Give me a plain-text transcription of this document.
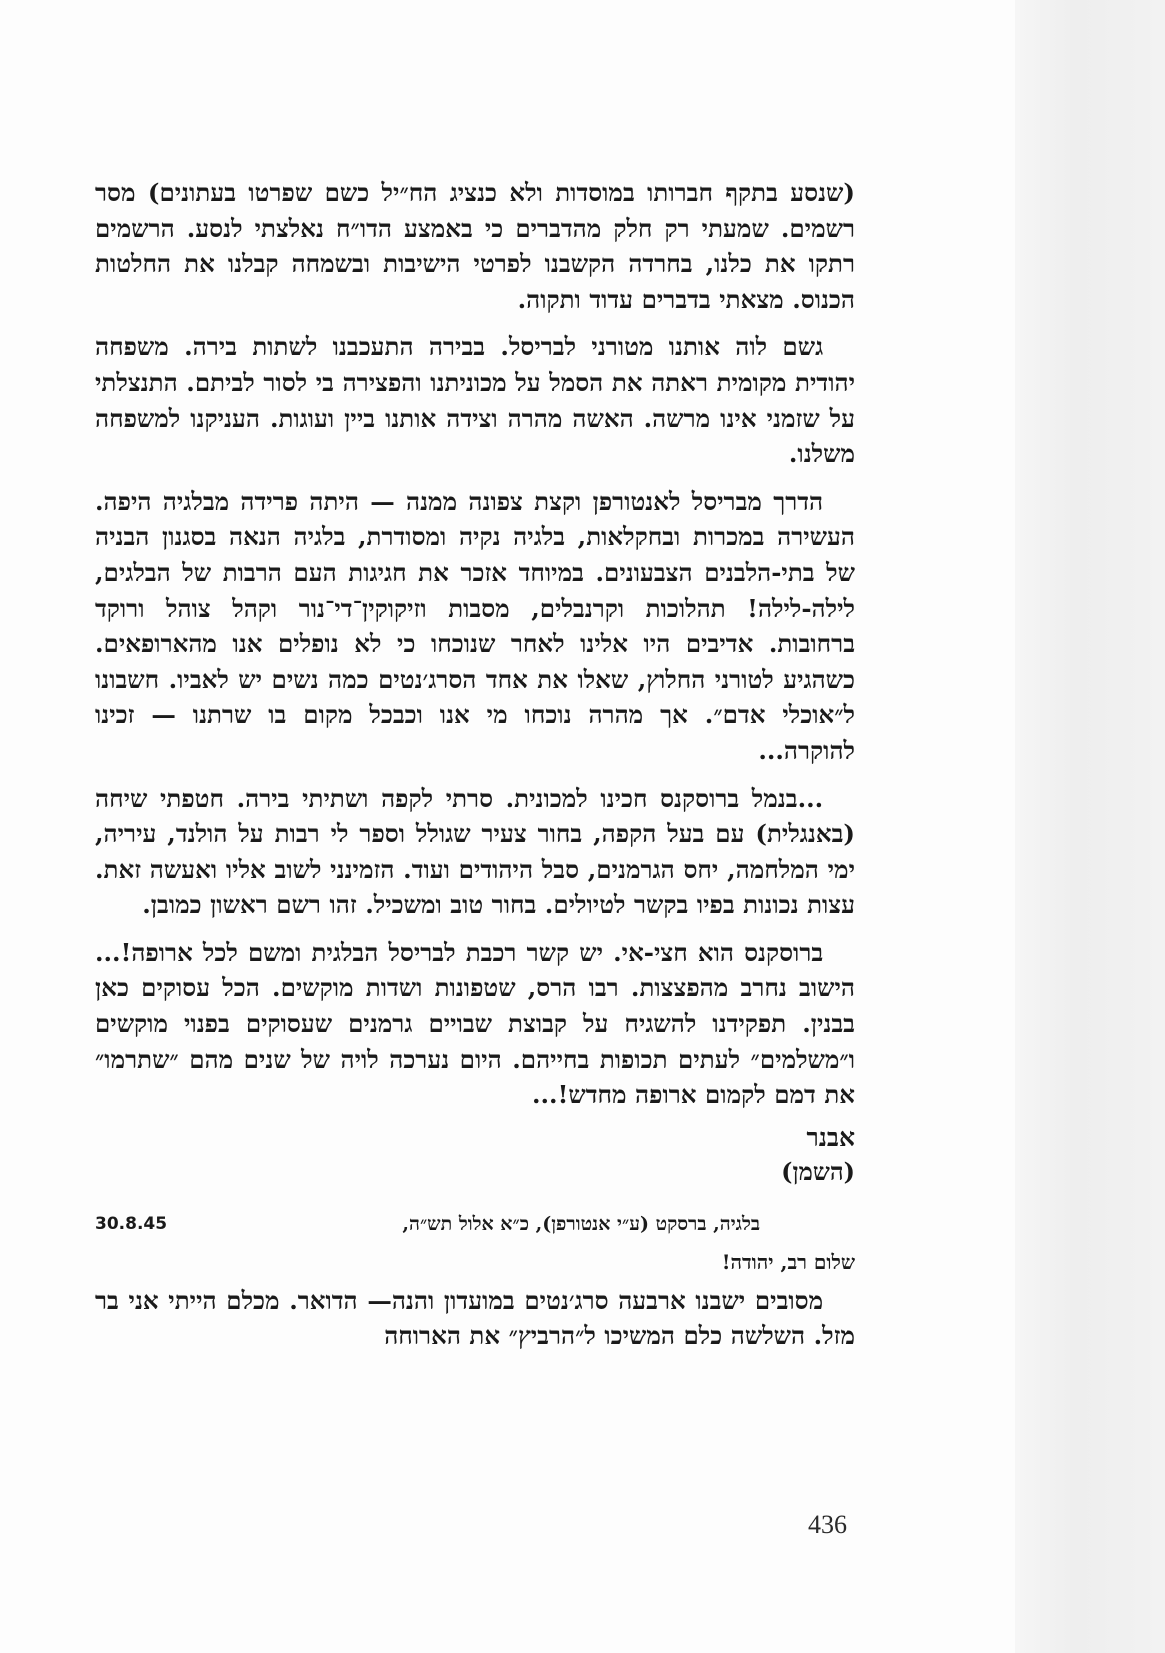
(שנסע בתקף חברותו במוסדות ולא כנציג הח״יל כשם שפרטו בעתונים) מסר רשמים. שמעתי רק חלק מהדברים כי באמצע הדו״ח נאלצתי לנסע. הרשמים רתקו את כלנו, בחרדה הקשבנו לפרטי הישיבות ובשמחה קבלנו את החלטות הכנוס. מצאתי בדברים עדוד ותקוה.

גשם לוה אותנו מטורני לבריסל. בבירה התעכבנו לשתות בירה. משפחה יהודית מקומית ראתה את הסמל על מכוניתנו והפצירה בי לסור לביתם. התנצלתי על שזמני אינו מרשה. האשה מהרה וצידה אותנו ביין ועוגות. העניקנו למשפחה משלנו.

הדרך מבריסל לאנטורפן וקצת צפונה ממנה — היתה פרידה מבלגיה היפה. העשירה במכרות ובחקלאות, בלגיה נקיה ומסודרת, בלגיה הנאה בסגנון הבניה של בתי-הלבנים הצבעונים. במיוחד אזכר את חגיגות העם הרבות של הבלגים, לילה-לילה! תהלוכות וקרנבלים, מסבות וזיקוקין־די־נור וקהל צוהל ורוקד ברחובות. אדיבים היו אלינו לאחר שנוכחו כי לא נופלים אנו מהארופאים. כשהגיע לטורני החלוץ, שאלו את אחד הסרג׳נטים כמה נשים יש לאביו. חשבונו ל״אוכלי אדם״. אך מהרה נוכחו מי אנו וכבכל מקום בו שרתנו — זכינו להוקרה...

...בנמל ברוסקנס חכינו למכונית. סרתי לקפה ושתיתי בירה. חטפתי שיחה (באנגלית) עם בעל הקפה, בחור צעיר שגולל וספר לי רבות על הולנד, עיריה, ימי המלחמה, יחס הגרמנים, סבל היהודים ועוד. הזמינני לשוב אליו ואעשה זאת. עצות נכונות בפיו בקשר לטיולים. בחור טוב ומשכיל. זהו רשם ראשון כמובן.

ברוסקנס הוא חצי-אי. יש קשר רכבת לבריסל הבלגית ומשם לכל ארופה!... הישוב נחרב מהפצצות. רבו הרס, שטפונות ושדות מוקשים. הכל עסוקים כאן בבנין. תפקידנו להשגיח על קבוצת שבויים גרמנים שעסוקים בפנוי מוקשים ו״משלמים״ לעתים תכופות בחייהם. היום נערכה לויה של שנים מהם ״שתרמו״ את דמם לקמום ארופה מחדש!...

אבנר
(השמן)
בלגיה, ברסקט (ע״י אנטורפן), כ״א אלול תש״ה,
30.8.45
שלום רב, יהודה!

מסובים ישבנו ארבעה סרג׳נטים במועדון והנה— הדואר. מכלם הייתי אני בר מזל. השלשה כלם המשיכו ל״הרביץ״ את הארוחה

436
